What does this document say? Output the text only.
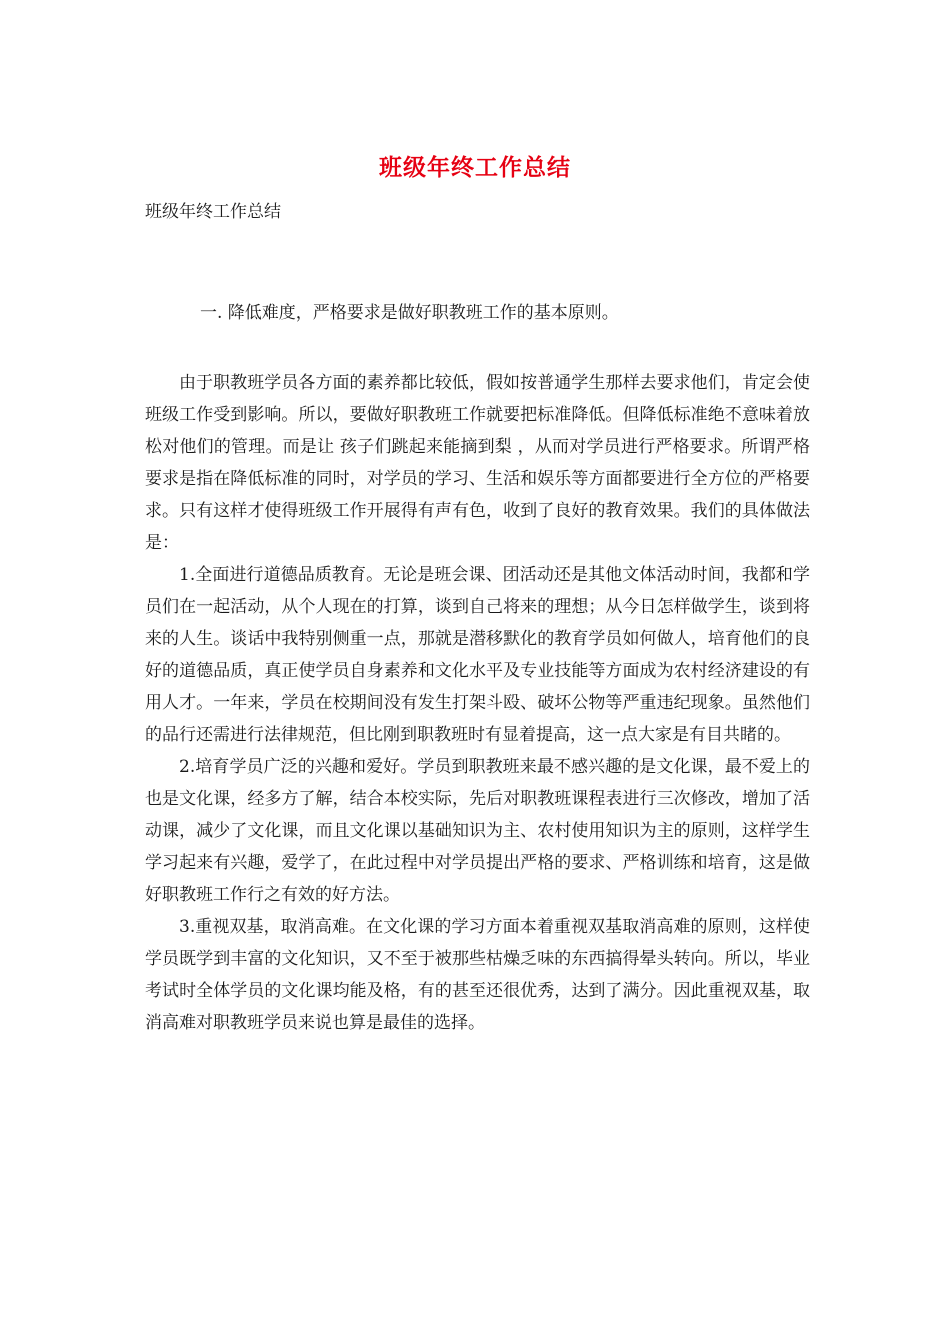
班级年终工作总结

班级年终工作总结

一. 降低难度，严格要求是做好职教班工作的基本原则。

由于职教班学员各方面的素养都比较低，假如按普通学生那样去要求他们，肯定会使班级工作受到影响。所以，要做好职教班工作就要把标准降低。但降低标准绝不意味着放松对他们的管理。而是让 孩子们跳起来能摘到梨 ，从而对学员进行严格要求。所谓严格要求是指在降低标准的同时，对学员的学习、生活和娱乐等方面都要进行全方位的严格要求。只有这样才使得班级工作开展得有声有色，收到了良好的教育效果。我们的具体做法是：

1.全面进行道德品质教育。无论是班会课、团活动还是其他文体活动时间，我都和学员们在一起活动，从个人现在的打算，谈到自己将来的理想；从今日怎样做学生，谈到将来的人生。谈话中我特别侧重一点，那就是潜移默化的教育学员如何做人，培育他们的良好的道德品质，真正使学员自身素养和文化水平及专业技能等方面成为农村经济建设的有用人才。一年来，学员在校期间没有发生打架斗殴、破坏公物等严重违纪现象。虽然他们的品行还需进行法律规范，但比刚到职教班时有显着提高，这一点大家是有目共睹的。

2.培育学员广泛的兴趣和爱好。学员到职教班来最不感兴趣的是文化课，最不爱上的也是文化课，经多方了解，结合本校实际，先后对职教班课程表进行三次修改，增加了活动课，减少了文化课，而且文化课以基础知识为主、农村使用知识为主的原则，这样学生学习起来有兴趣，爱学了，在此过程中对学员提出严格的要求、严格训练和培育，这是做好职教班工作行之有效的好方法。

3.重视双基，取消高难。在文化课的学习方面本着重视双基取消高难的原则，这样使学员既学到丰富的文化知识，又不至于被那些枯燥乏味的东西搞得晕头转向。所以，毕业考试时全体学员的文化课均能及格，有的甚至还很优秀，达到了满分。因此重视双基，取消高难对职教班学员来说也算是最佳的选择。
